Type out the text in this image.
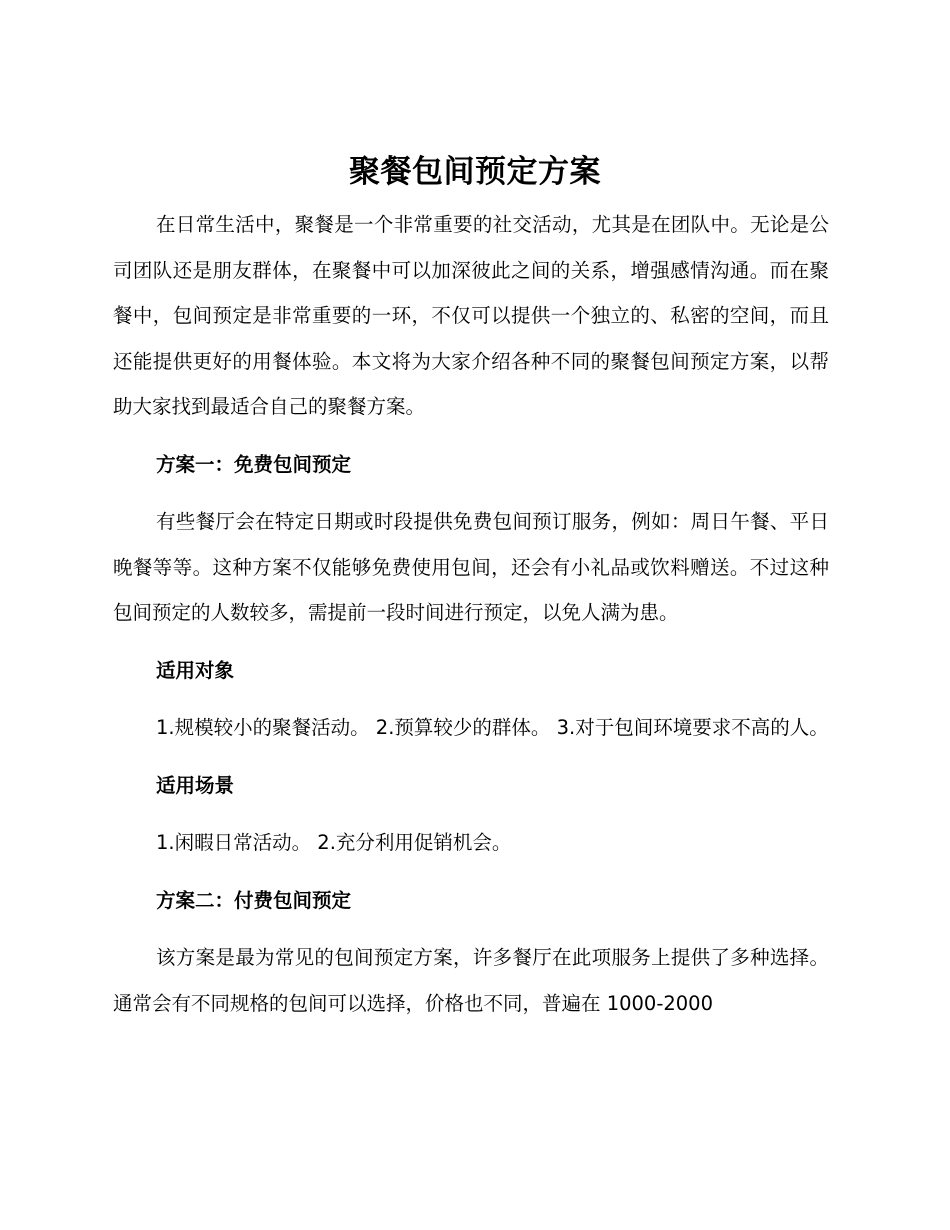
聚餐包间预定方案

在日常生活中，聚餐是一个非常重要的社交活动，尤其是在团队中。无论是公司团队还是朋友群体，在聚餐中可以加深彼此之间的关系，增强感情沟通。而在聚餐中，包间预定是非常重要的一环，不仅可以提供一个独立的、私密的空间，而且还能提供更好的用餐体验。本文将为大家介绍各种不同的聚餐包间预定方案，以帮助大家找到最适合自己的聚餐方案。

方案一：免费包间预定

有些餐厅会在特定日期或时段提供免费包间预订服务，例如：周日午餐、平日晚餐等等。这种方案不仅能够免费使用包间，还会有小礼品或饮料赠送。不过这种包间预定的人数较多，需提前一段时间进行预定，以免人满为患。

适用对象

1.规模较小的聚餐活动。 2.预算较少的群体。 3.对于包间环境要求不高的人。

适用场景

1.闲暇日常活动。 2.充分利用促销机会。

方案二：付费包间预定

该方案是最为常见的包间预定方案，许多餐厅在此项服务上提供了多种选择。通常会有不同规格的包间可以选择，价格也不同，普遍在 1000-2000
